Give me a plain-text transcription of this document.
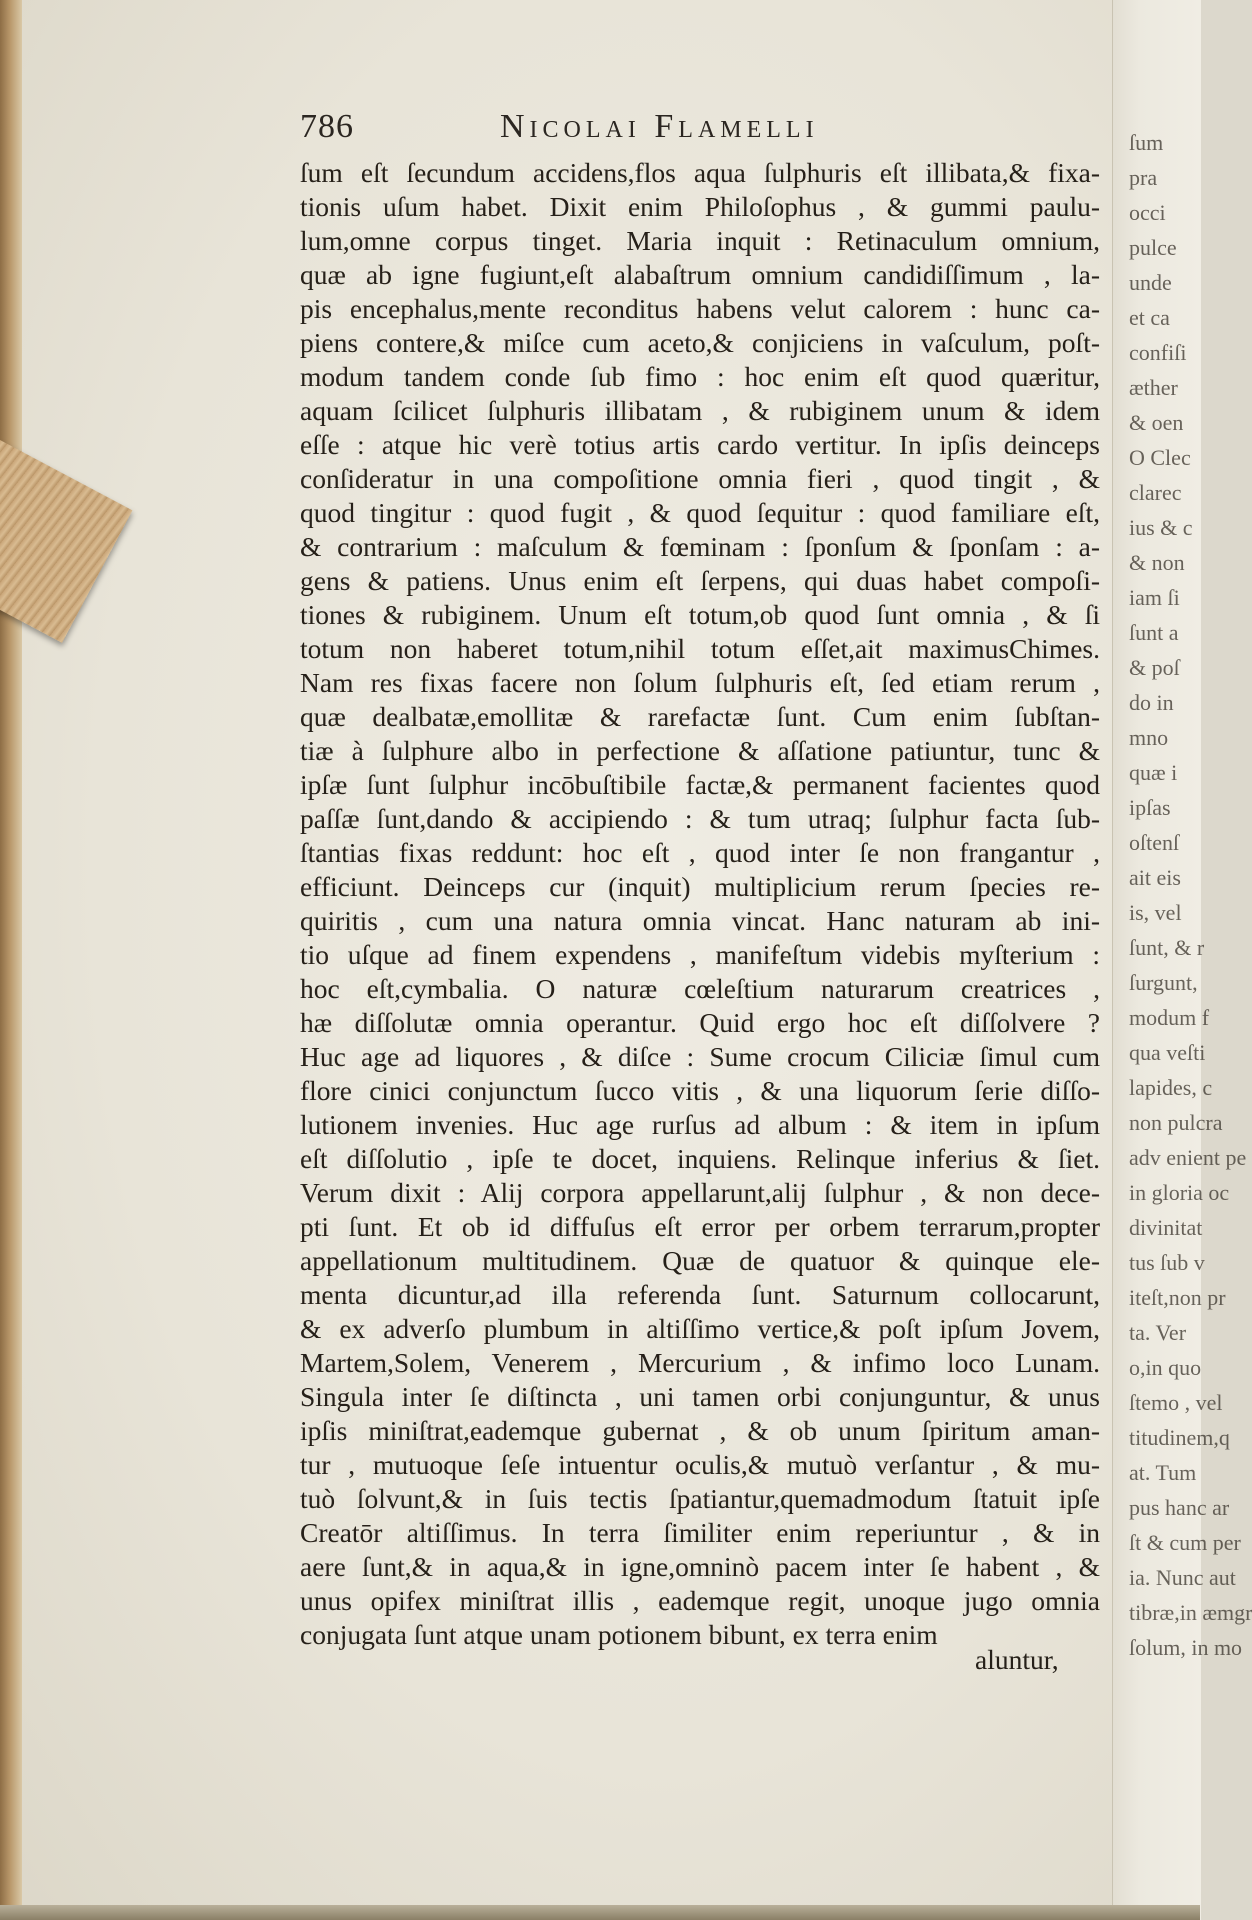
786	Nicolai Flamelli
ſum eſt ſecundum accidens,flos aqua ſulphuris eſt illibata,& fixa-
tionis uſum habet. Dixit enim Philoſophus , & gummi paulu-
lum,omne corpus tinget. Maria inquit : Retinaculum omnium,
quæ ab igne fugiunt,eſt alabaſtrum omnium candidiſſimum , la-
pis encephalus,mente reconditus habens velut calorem : hunc ca-
piens contere,& miſce cum aceto,& conjiciens in vaſculum, poſt-
modum tandem conde ſub fimo : hoc enim eſt quod quæritur,
aquam ſcilicet ſulphuris illibatam , & rubiginem unum & idem
eſſe : atque hic verè totius artis cardo vertitur. In ipſis deinceps
conſideratur in una compoſitione omnia fieri , quod tingit , &
quod tingitur : quod fugit , & quod ſequitur : quod familiare eſt,
& contrarium : maſculum & fœminam : ſponſum & ſponſam : a-
gens & patiens. Unus enim eſt ſerpens, qui duas habet compoſi-
tiones & rubiginem. Unum eſt totum,ob quod ſunt omnia , & ſi
totum non haberet totum,nihil totum eſſet,ait maximusChimes.
Nam res fixas facere non ſolum ſulphuris eſt, ſed etiam rerum ,
quæ dealbatæ,emollitæ & rarefactæ ſunt. Cum enim ſubſtan-
tiæ à ſulphure albo in perfectione & aſſatione patiuntur, tunc &
ipſæ ſunt ſulphur incōbuſtibile factæ,& permanent facientes quod
paſſæ ſunt,dando & accipiendo : & tum utraq; ſulphur facta ſub-
ſtantias fixas reddunt: hoc eſt , quod inter ſe non frangantur ,
efficiunt. Deinceps cur (inquit) multiplicium rerum ſpecies re-
quiritis , cum una natura omnia vincat. Hanc naturam ab ini-
tio uſque ad finem expendens , manifeſtum videbis myſterium :
hoc eſt,cymbalia. O naturæ cœleſtium naturarum creatrices ,
hæ diſſolutæ omnia operantur. Quid ergo hoc eſt diſſolvere ?
Huc age ad liquores , & diſce : Sume crocum Ciliciæ ſimul cum
flore cinici conjunctum ſucco vitis , & una liquorum ſerie diſſo-
lutionem invenies. Huc age rurſus ad album : & item in ipſum
eſt diſſolutio , ipſe te docet, inquiens. Relinque inferius & ſiet.
Verum dixit : Alij corpora appellarunt,alij ſulphur , & non dece-
pti ſunt. Et ob id diffuſus eſt error per orbem terrarum,propter
appellationum multitudinem. Quæ de quatuor & quinque ele-
menta dicuntur,ad illa referenda ſunt. Saturnum collocarunt,
& ex adverſo plumbum in altiſſimo vertice,& poſt ipſum Jovem,
Martem,Solem, Venerem , Mercurium , & infimo loco Lunam.
Singula inter ſe diſtincta , uni tamen orbi conjunguntur, & unus
ipſis miniſtrat,eademque gubernat , & ob unum ſpiritum aman-
tur , mutuoque ſeſe intuentur oculis,& mutuò verſantur , & mu-
tuò ſolvunt,& in ſuis tectis ſpatiantur,quemadmodum ſtatuit ipſe
Creatōr altiſſimus. In terra ſimiliter enim reperiuntur , & in
aere ſunt,& in aqua,& in igne,omninò pacem inter ſe habent , &
unus opifex miniſtrat illis , eademque regit, unoque jugo omnia
conjugata ſunt atque unam potionem bibunt, ex terra enim
aluntur,
ſum
pra
occi
pulce
unde
et ca
confiſi
æther
& oen
O Clec
clarec
ius & c
& non
iam ſi
ſunt a
& poſ
do in
mno
quæ i
ipſas
oſtenſ
ait eis
is, vel
ſunt, & r
ſurgunt,
modum f
qua veſti
lapides, c
non pulcra
adv enient pe
in gloria oc
divinitat
tus ſub v
iteſt,non pr
ta. Ver
o,in quo
ſtemo , vel
titudinem,q
at. Tum
pus hanc ar
ſt & cum per
ia. Nunc aut
tibræ,in æmgr
ſolum, in mo
